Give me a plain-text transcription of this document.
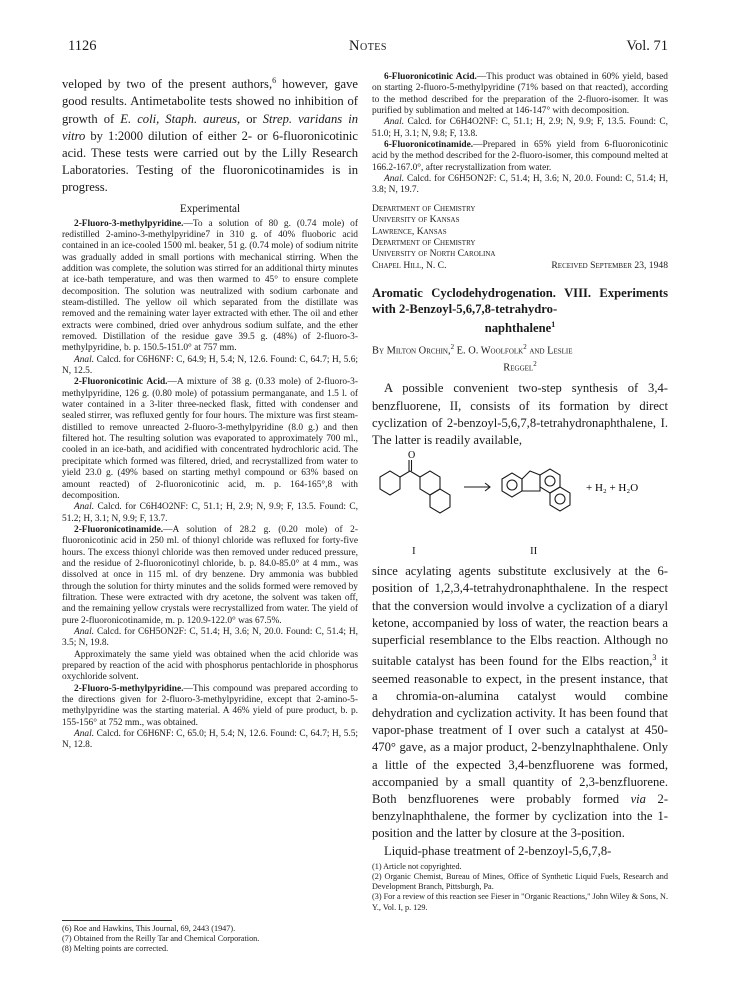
1126	Notes	Vol. 71

veloped by two of the present authors,$^6$ however, gave good results. Antimetabolite tests showed no inhibition of growth of E. coli, Staph. aureus, or Strep. varidans in vitro by 1:2000 dilution of either 2- or 6-fluoronicotinic acid. These tests were carried out by the Lilly Research Laboratories. Testing of the fluoronicotinamides is in progress.

Experimental

2-Fluoro-3-methylpyridine.—To a solution of 80 g. (0.74 mole) of redistilled 2-amino-3-methylpyridine7 in 310 g. of 40% fluoboric acid contained in an ice-cooled 1500 ml. beaker, 51 g. (0.74 mole) of sodium nitrite was gradually added in small portions with mechanical stirring. When the addition was complete, the solution was stirred for an additional thirty minutes at ice-bath temperature, and was then warmed to 45° to ensure complete decomposition. The solution was neutralized with sodium carbonate and steam-distilled. The yellow oil which separated from the distillate was removed and the remaining water layer extracted with ether. The oil and ether extracts were combined, dried over anhydrous sodium sulfate, and the ether removed. Distillation of the residue gave 39.5 g. (48%) of 2-fluoro-3-methylpyridine, b. p. 150.5-151.0° at 757 mm.

Anal. Calcd. for C6H6NF: C, 64.9; H, 5.4; N, 12.6. Found: C, 64.7; H, 5.6; N, 12.5.

2-Fluoronicotinic Acid.—A mixture of 38 g. (0.33 mole) of 2-fluoro-3-methylpyridine, 126 g. (0.80 mole) of potassium permanganate, and 1.5 l. of water contained in a 3-liter three-necked flask, fitted with condenser and sealed stirrer, was refluxed gently for four hours. The mixture was first steam-distilled to remove unreacted 2-fluoro-3-methylpyridine (8.0 g.) and then filtered hot. The resulting solution was evaporated to approximately 700 ml., cooled in an ice-bath, and acidified with concentrated hydrochloric acid. The precipitate which formed was filtered, dried, and recrystallized from water to yield 23.0 g. (49% based on starting methyl compound or 63% based on amount reacted) of 2-fluoronicotinic acid, m. p. 164-165°,8 with decomposition.

Anal. Calcd. for C6H4O2NF: C, 51.1; H, 2.9; N, 9.9; F, 13.5. Found: C, 51.2; H, 3.1; N, 9.9; F, 13.7.

2-Fluoronicotinamide.—A solution of 28.2 g. (0.20 mole) of 2-fluoronicotinic acid in 250 ml. of thionyl chloride was refluxed for forty-five hours. The excess thionyl chloride was then removed under reduced pressure, and the residue of 2-fluoronicotinyl chloride, b. p. 84.0-85.0° at 4 mm., was dissolved at once in 115 ml. of dry benzene. Dry ammonia was bubbled through the solution for thirty minutes and the solids formed were removed by filtration. These were extracted with dry acetone, the solvent was taken off, and the remaining yellow crystals were recrystallized from water. The yield of pure 2-fluoronicotinamide, m. p. 120.9-122.0° was 67.5%.

Anal. Calcd. for C6H5ON2F: C, 51.4; H, 3.6; N, 20.0. Found: C, 51.4; H, 3.5; N, 19.8.

Approximately the same yield was obtained when the acid chloride was prepared by reaction of the acid with phosphorus pentachloride in phosphorus oxychloride solvent.

2-Fluoro-5-methylpyridine.—This compound was prepared according to the directions given for 2-fluoro-3-methylpyridine, except that 2-amino-5-methylpyridine was the starting material. A 46% yield of pure product, b. p. 155-156° at 752 mm., was obtained.

Anal. Calcd. for C6H6NF: C, 65.0; H, 5.4; N, 12.6. Found: C, 64.7; H, 5.5; N, 12.8.

(6) Roe and Hawkins, This Journal, 69, 2443 (1947).

(7) Obtained from the Reilly Tar and Chemical Corporation.

(8) Melting points are corrected.

6-Fluoronicotinic Acid.—This product was obtained in 60% yield, based on starting 2-fluoro-5-methylpyridine (71% based on that reacted), according to the method described for the preparation of the 2-fluoro-isomer. It was purified by sublimation and melted at 146-147° with decomposition.

Anal. Calcd. for C6H4O2NF: C, 51.1; H, 2.9; N, 9.9; F, 13.5. Found: C, 51.0; H, 3.1; N, 9.8; F, 13.8.

6-Fluoronicotinamide.—Prepared in 65% yield from 6-fluoronicotinic acid by the method described for the 2-fluoro-isomer, this compound melted at 166.2-167.0°, after recrystallization from water.

Anal. Calcd. for C6H5ON2F: C, 51.4; H, 3.6; N, 20.0. Found: C, 51.4; H, 3.8; N, 19.7.

Department of Chemistry
University of Kansas
Lawrence, Kansas
Department of Chemistry
University of North Carolina
Chapel Hill, N. C.	Received September 23, 1948

Aromatic Cyclodehydrogenation. VIII. Experiments with 2-Benzoyl-5,6,7,8-tetrahydro-
naphthalene$^1$

By Milton Orchin,$^2$ E. O. Woolfolk$^2$ and Leslie

Reggel$^2$

A possible convenient two-step synthesis of 3,4-benzfluorene, II, consists of its formation by direct cyclization of 2-benzoyl-5,6,7,8-tetrahydronaphthalene, I. The latter is readily available,

O
+ H₂ + H₂O
I	II

since acylating agents substitute exclusively at the 6-position of 1,2,3,4-tetrahydronaphthalene. In the respect that the conversion would involve a cyclization of a diaryl ketone, accompanied by loss of water, the reaction bears a superficial resemblance to the Elbs reaction. Although no suitable catalyst has been found for the Elbs reaction,$^3$ it seemed reasonable to expect, in the present instance, that a chromia-on-alumina catalyst would combine dehydration and cyclization activity. It has been found that vapor-phase treatment of I over such a catalyst at 450-470° gave, as a major product, 2-benzylnaphthalene. Only a little of the expected 3,4-benzfluorene was formed, accompanied by a small quantity of 2,3-benzfluorene. Both benzfluorenes were probably formed via 2-benzylnaphthalene, the former by cyclization into the 1-position and the latter by closure at the 3-position.

Liquid-phase treatment of 2-benzoyl-5,6,7,8-

(1) Article not copyrighted.

(2) Organic Chemist, Bureau of Mines, Office of Synthetic Liquid Fuels, Research and Development Branch, Pittsburgh, Pa.

(3) For a review of this reaction see Fieser in "Organic Reactions," John Wiley & Sons, N. Y., Vol. I, p. 129.
